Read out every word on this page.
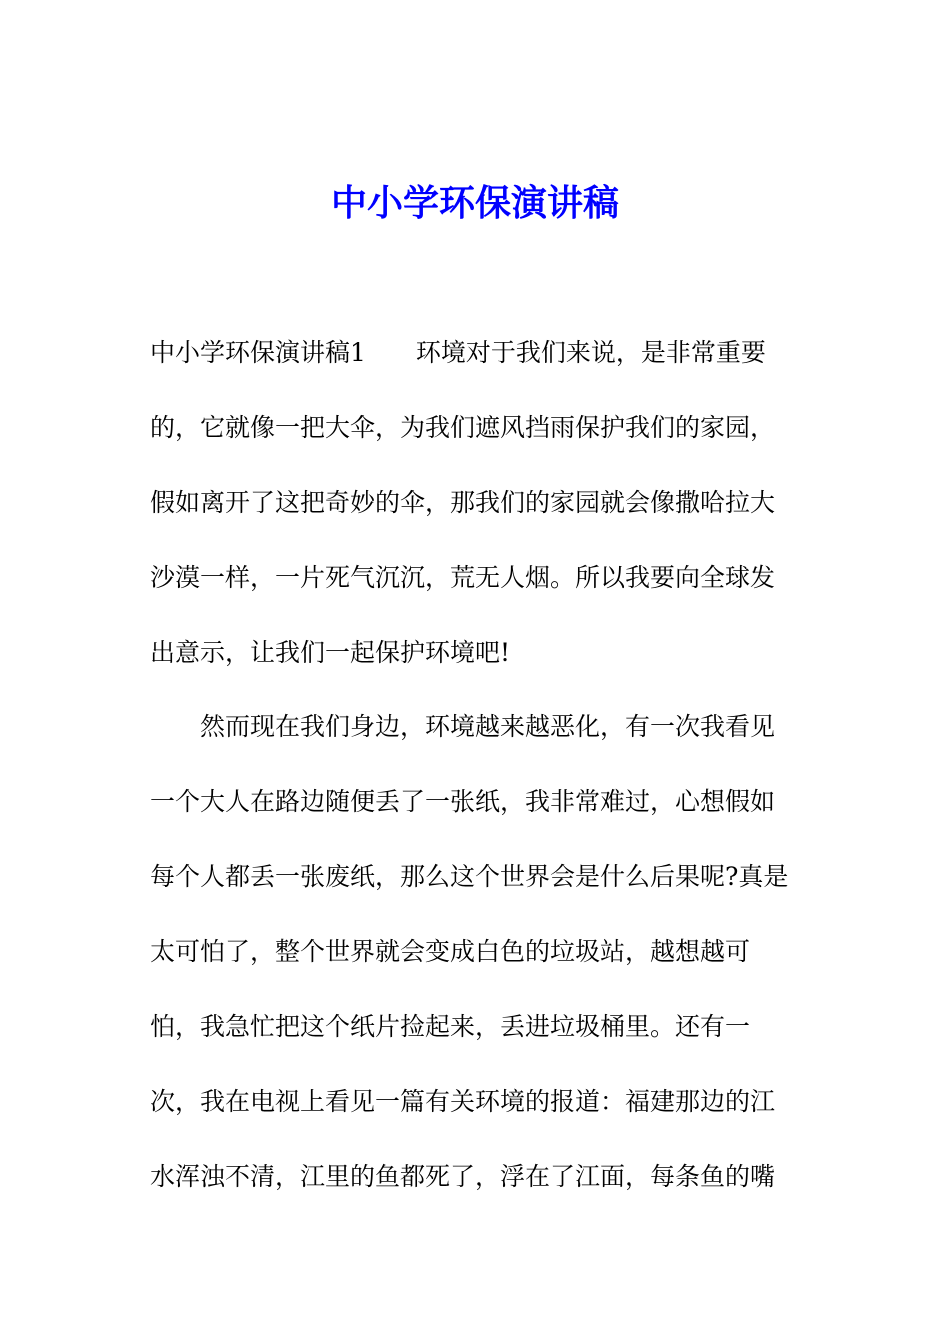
中小学环保演讲稿

中小学环保演讲稿1 环境对于我们来说，是非常重要

的，它就像一把大伞，为我们遮风挡雨保护我们的家园，

假如离开了这把奇妙的伞，那我们的家园就会像撒哈拉大

沙漠一样，一片死气沉沉，荒无人烟。所以我要向全球发

出意示，让我们一起保护环境吧!

然而现在我们身边，环境越来越恶化，有一次我看见

一个大人在路边随便丢了一张纸，我非常难过，心想假如

每个人都丢一张废纸，那么这个世界会是什么后果呢?真是

太可怕了，整个世界就会变成白色的垃圾站，越想越可

怕，我急忙把这个纸片捡起来，丢进垃圾桶里。还有一

次，我在电视上看见一篇有关环境的报道：福建那边的江

水浑浊不清，江里的鱼都死了，浮在了江面，每条鱼的嘴
